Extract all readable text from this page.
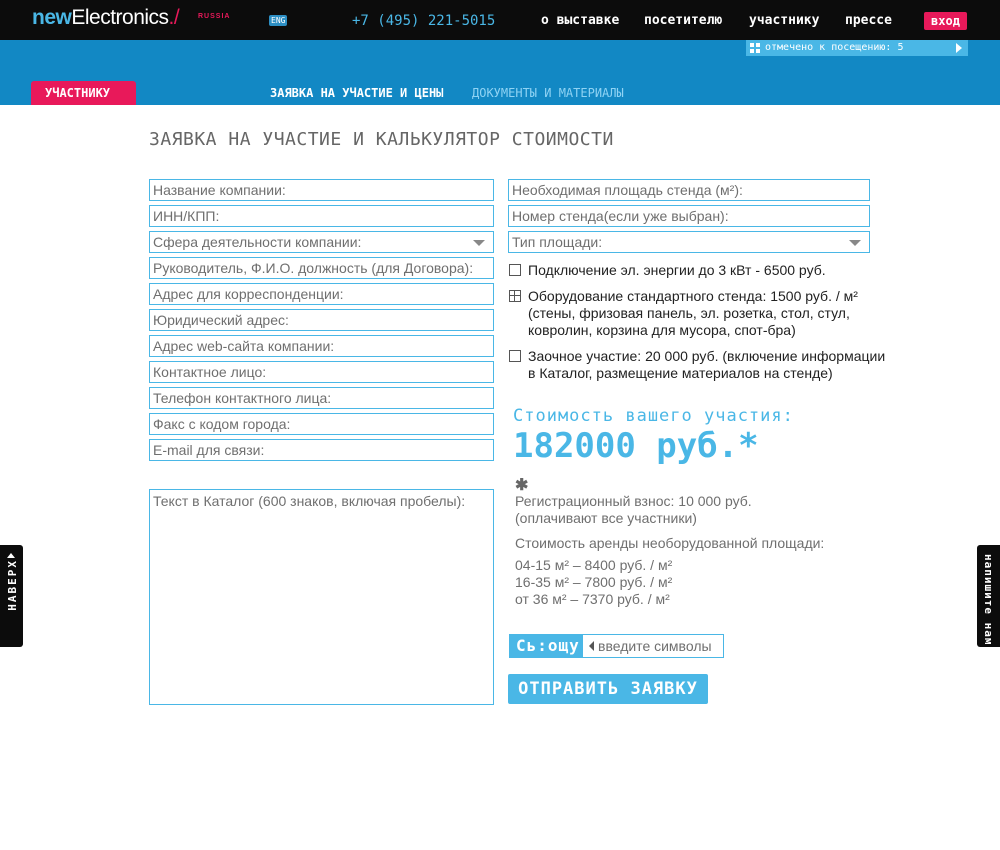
newElectronics./	RUSSIA	ENG	+7 (495) 221-5015	о выставке посетителю участнику прессе	вход
отмечено к посещению: 5
УЧАСТНИКУ	ЗАЯВКА НА УЧАСТИЕ И ЦЕНЫ ДОКУМЕНТЫ И МАТЕРИАЛЫ
ЗАЯВКА НА УЧАСТИЕ И КАЛЬКУЛЯТОР СТОИМОСТИ
Название компании:
ИНН/КПП:
Сфера деятельности компании:
Руководитель, Ф.И.О. должность (для Договора):
Адрес для корреспонденции:
Юридический адрес:
Адрес web-сайта компании:
Контактное лицо:
Телефон контактного лица:
Факс с кодом города:
E-mail для связи:
Текст в Каталог (600 знаков, включая пробелы):
Необходимая площадь стенда (м²):
Номер стенда(если уже выбран):	Тип площади:
Подключение эл. энергии до 3 кВт - 6500 руб.
Оборудование стандартного стенда: 1500 руб. / м² (стены, фризовая панель, эл. розетка, стол, стул, ковролин, корзина для мусора, спот-бра)
Заочное участие: 20 000 руб. (включение информации в Каталог, размещение материалов на стенде)
Стоимость вашего участия:
182000 руб.*
✱
Регистрационный взнос: 10 000 руб.
(оплачивают все участники)
Стоимость аренды необорудованной площади:
04-15 м² – 8400 руб. / м²
16-35 м² – 7800 руб. / м²
от 36 м² – 7370 руб. / м²
Сь:ощу
введите символы
ОТПРАВИТЬ ЗАЯВКУ
НАВЕРХ	напишите нам
